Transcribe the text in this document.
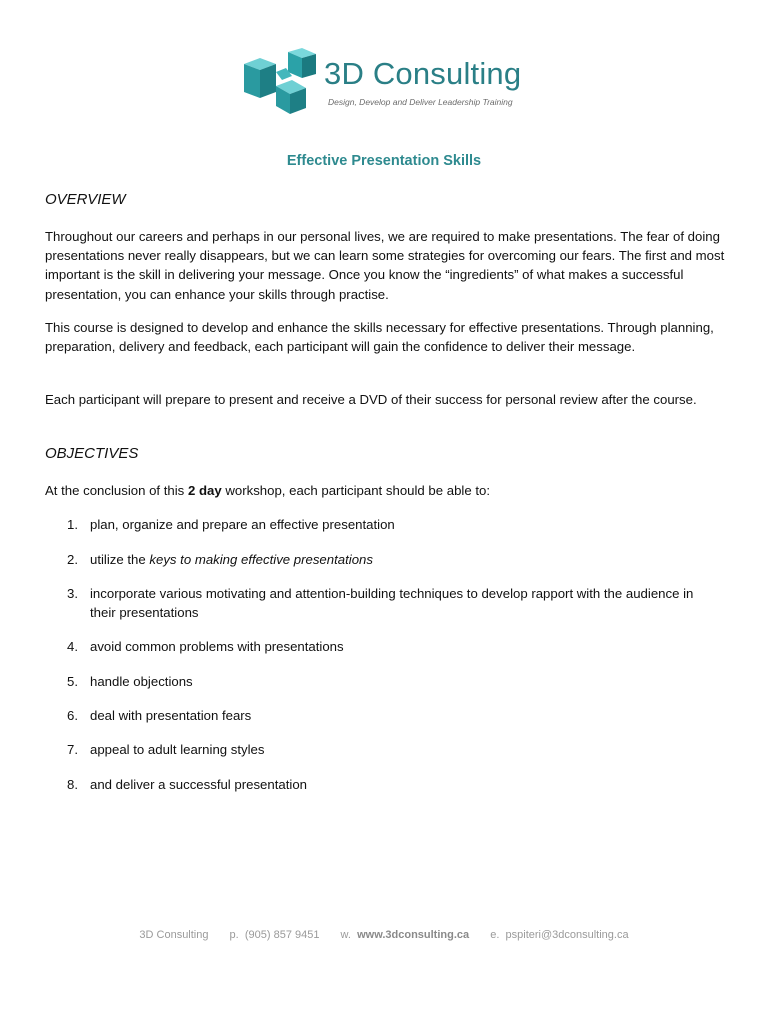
3D Consulting
Design, Develop and Deliver Leadership Training
Effective Presentation Skills
OVERVIEW

Throughout our careers and perhaps in our personal lives, we are required to make presentations. The fear of doing presentations never really disappears, but we can learn some strategies for overcoming our fears. The first and most important is the skill in delivering your message. Once you know the “ingredients” of what makes a successful presentation, you can enhance your skills through practise.

This course is designed to develop and enhance the skills necessary for effective presentations. Through planning, preparation, delivery and feedback, each participant will gain the confidence to deliver their message.

Each participant will prepare to present and receive a DVD of their success for personal review after the course.

OBJECTIVES

At the conclusion of this 2 day workshop, each participant should be able to:

1. plan, organize and prepare an effective presentation
2. utilize the keys to making effective presentations
3. incorporate various motivating and attention-building techniques to develop rapport with the audience in their presentations
4. avoid common problems with presentations
5. handle objections
6. deal with presentation fears
7. appeal to adult learning styles
8. and deliver a successful presentation
3D Consulting p. (905) 857 9451 w. www.3dconsulting.ca e. pspiteri@3dconsulting.ca
